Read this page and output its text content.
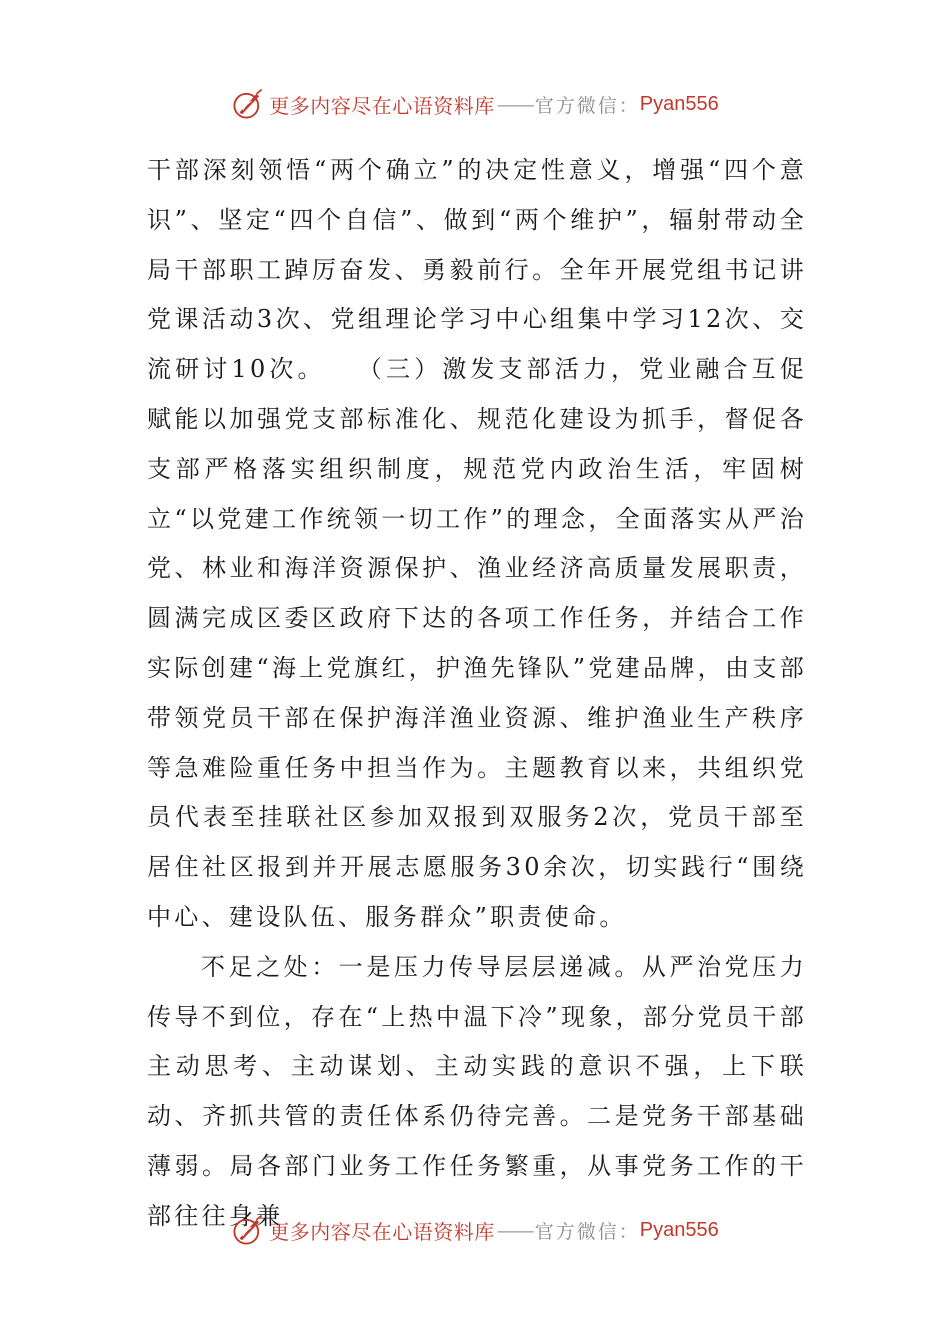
更多内容尽在心语资料库 —— 官方微信： Pyan556

干部深刻领悟“两个确立”的决定性意义，增强“四个意识”、坚定“四个自信”、做到“两个维护”，辐射带动全局干部职工踔厉奋发、勇毅前行。全年开展党组书记讲党课活动3次、党组理论学习中心组集中学习12次、交流研讨10次。　　（三）激发支部活力，党业融合互促赋能以加强党支部标准化、规范化建设为抓手，督促各支部严格落实组织制度，规范党内政治生活，牢固树立“以党建工作统领一切工作”的理念，全面落实从严治党、林业和海洋资源保护、渔业经济高质量发展职责，圆满完成区委区政府下达的各项工作任务，并结合工作实际创建“海上党旗红，护渔先锋队”党建品牌，由支部带领党员干部在保护海洋渔业资源、维护渔业生产秩序等急难险重任务中担当作为。主题教育以来，共组织党员代表至挂联社区参加双报到双服务2次，党员干部至居住社区报到并开展志愿服务30余次，切实践行“围绕中心、建设队伍、服务群众”职责使命。

不足之处：一是压力传导层层递减。从严治党压力传导不到位，存在“上热中温下冷”现象，部分党员干部主动思考、主动谋划、主动实践的意识不强，上下联动、齐抓共管的责任体系仍待完善。二是党务干部基础薄弱。局各部门业务工作任务繁重，从事党务工作的干部往往身兼

更多内容尽在心语资料库 —— 官方微信： Pyan556
